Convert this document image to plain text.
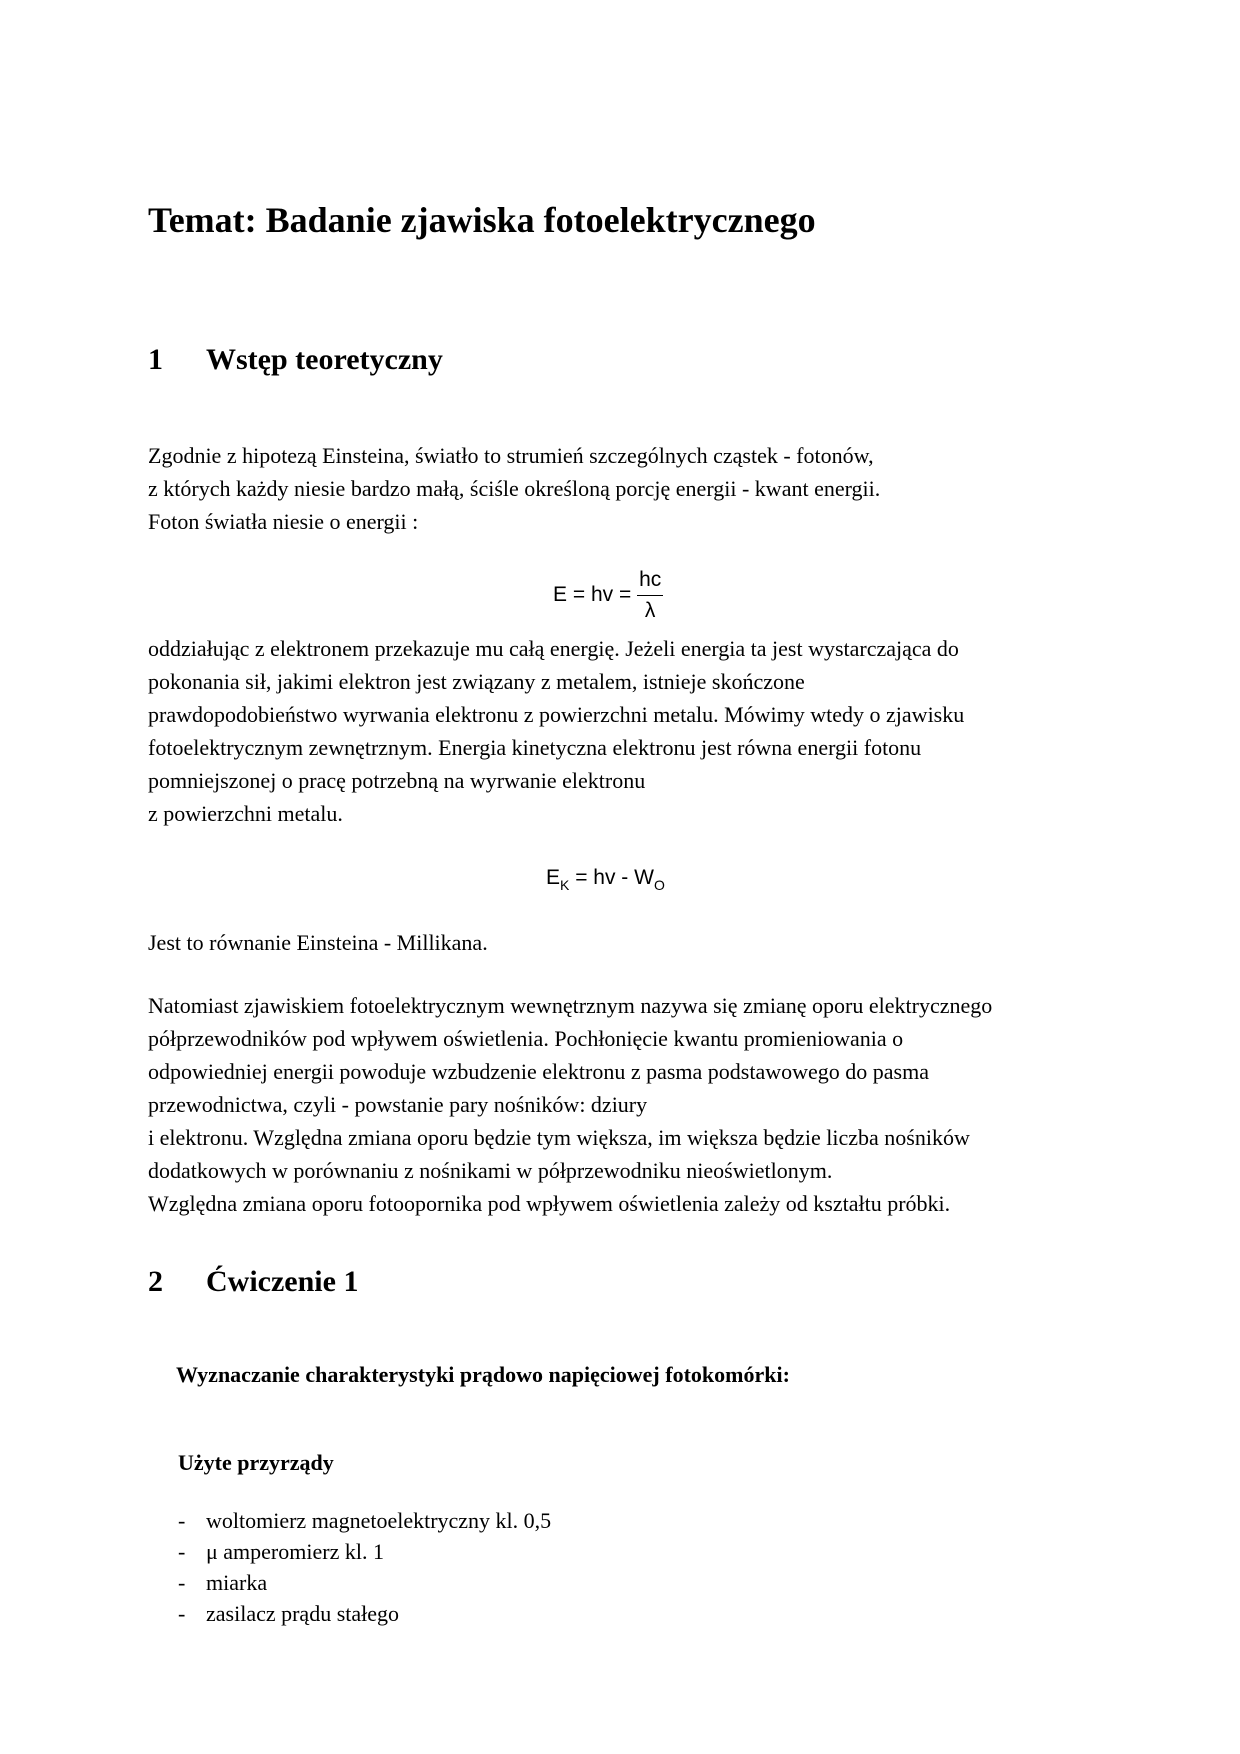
Temat: Badanie zjawiska fotoelektrycznego
1 Wstęp teoretyczny
Zgodnie z hipotezą Einsteina, światło to strumień szczególnych cząstek - fotonów,
z których każdy niesie bardzo małą, ściśle określoną porcję energii - kwant energii.
Foton światła niesie o energii :
E = hv = $\frac{hc}{\lambda}$
oddziałując z elektronem przekazuje mu całą energię. Jeżeli energia ta jest wystarczająca do
pokonania sił, jakimi elektron jest związany z metalem, istnieje skończone
prawdopodobieństwo wyrwania elektronu z powierzchni metalu. Mówimy wtedy o zjawisku
fotoelektrycznym zewnętrznym. Energia kinetyczna elektronu jest równa energii fotonu
pomniejszonej o pracę potrzebną na wyrwanie elektronu
z powierzchni metalu.
$E_K$ = hv - $W_O$
Jest to równanie Einsteina - Millikana.
Natomiast zjawiskiem fotoelektrycznym wewnętrznym nazywa się zmianę oporu elektrycznego
półprzewodników pod wpływem oświetlenia. Pochłonięcie kwantu promieniowania o
odpowiedniej energii powoduje wzbudzenie elektronu z pasma podstawowego do pasma
przewodnictwa, czyli - powstanie pary nośników: dziury
i elektronu. Względna zmiana oporu będzie tym większa, im większa będzie liczba nośników
dodatkowych w porównaniu z nośnikami w półprzewodniku nieoświetlonym.
Względna zmiana oporu fotoopornika pod wpływem oświetlenia zależy od kształtu próbki.
2 Ćwiczenie 1
Wyznaczanie charakterystyki prądowo napięciowej fotokomórki:
Użyte przyrządy
- woltomierz magnetoelektryczny kl. 0,5
- μ amperomierz kl. 1
- miarka
- zasilacz prądu stałego
